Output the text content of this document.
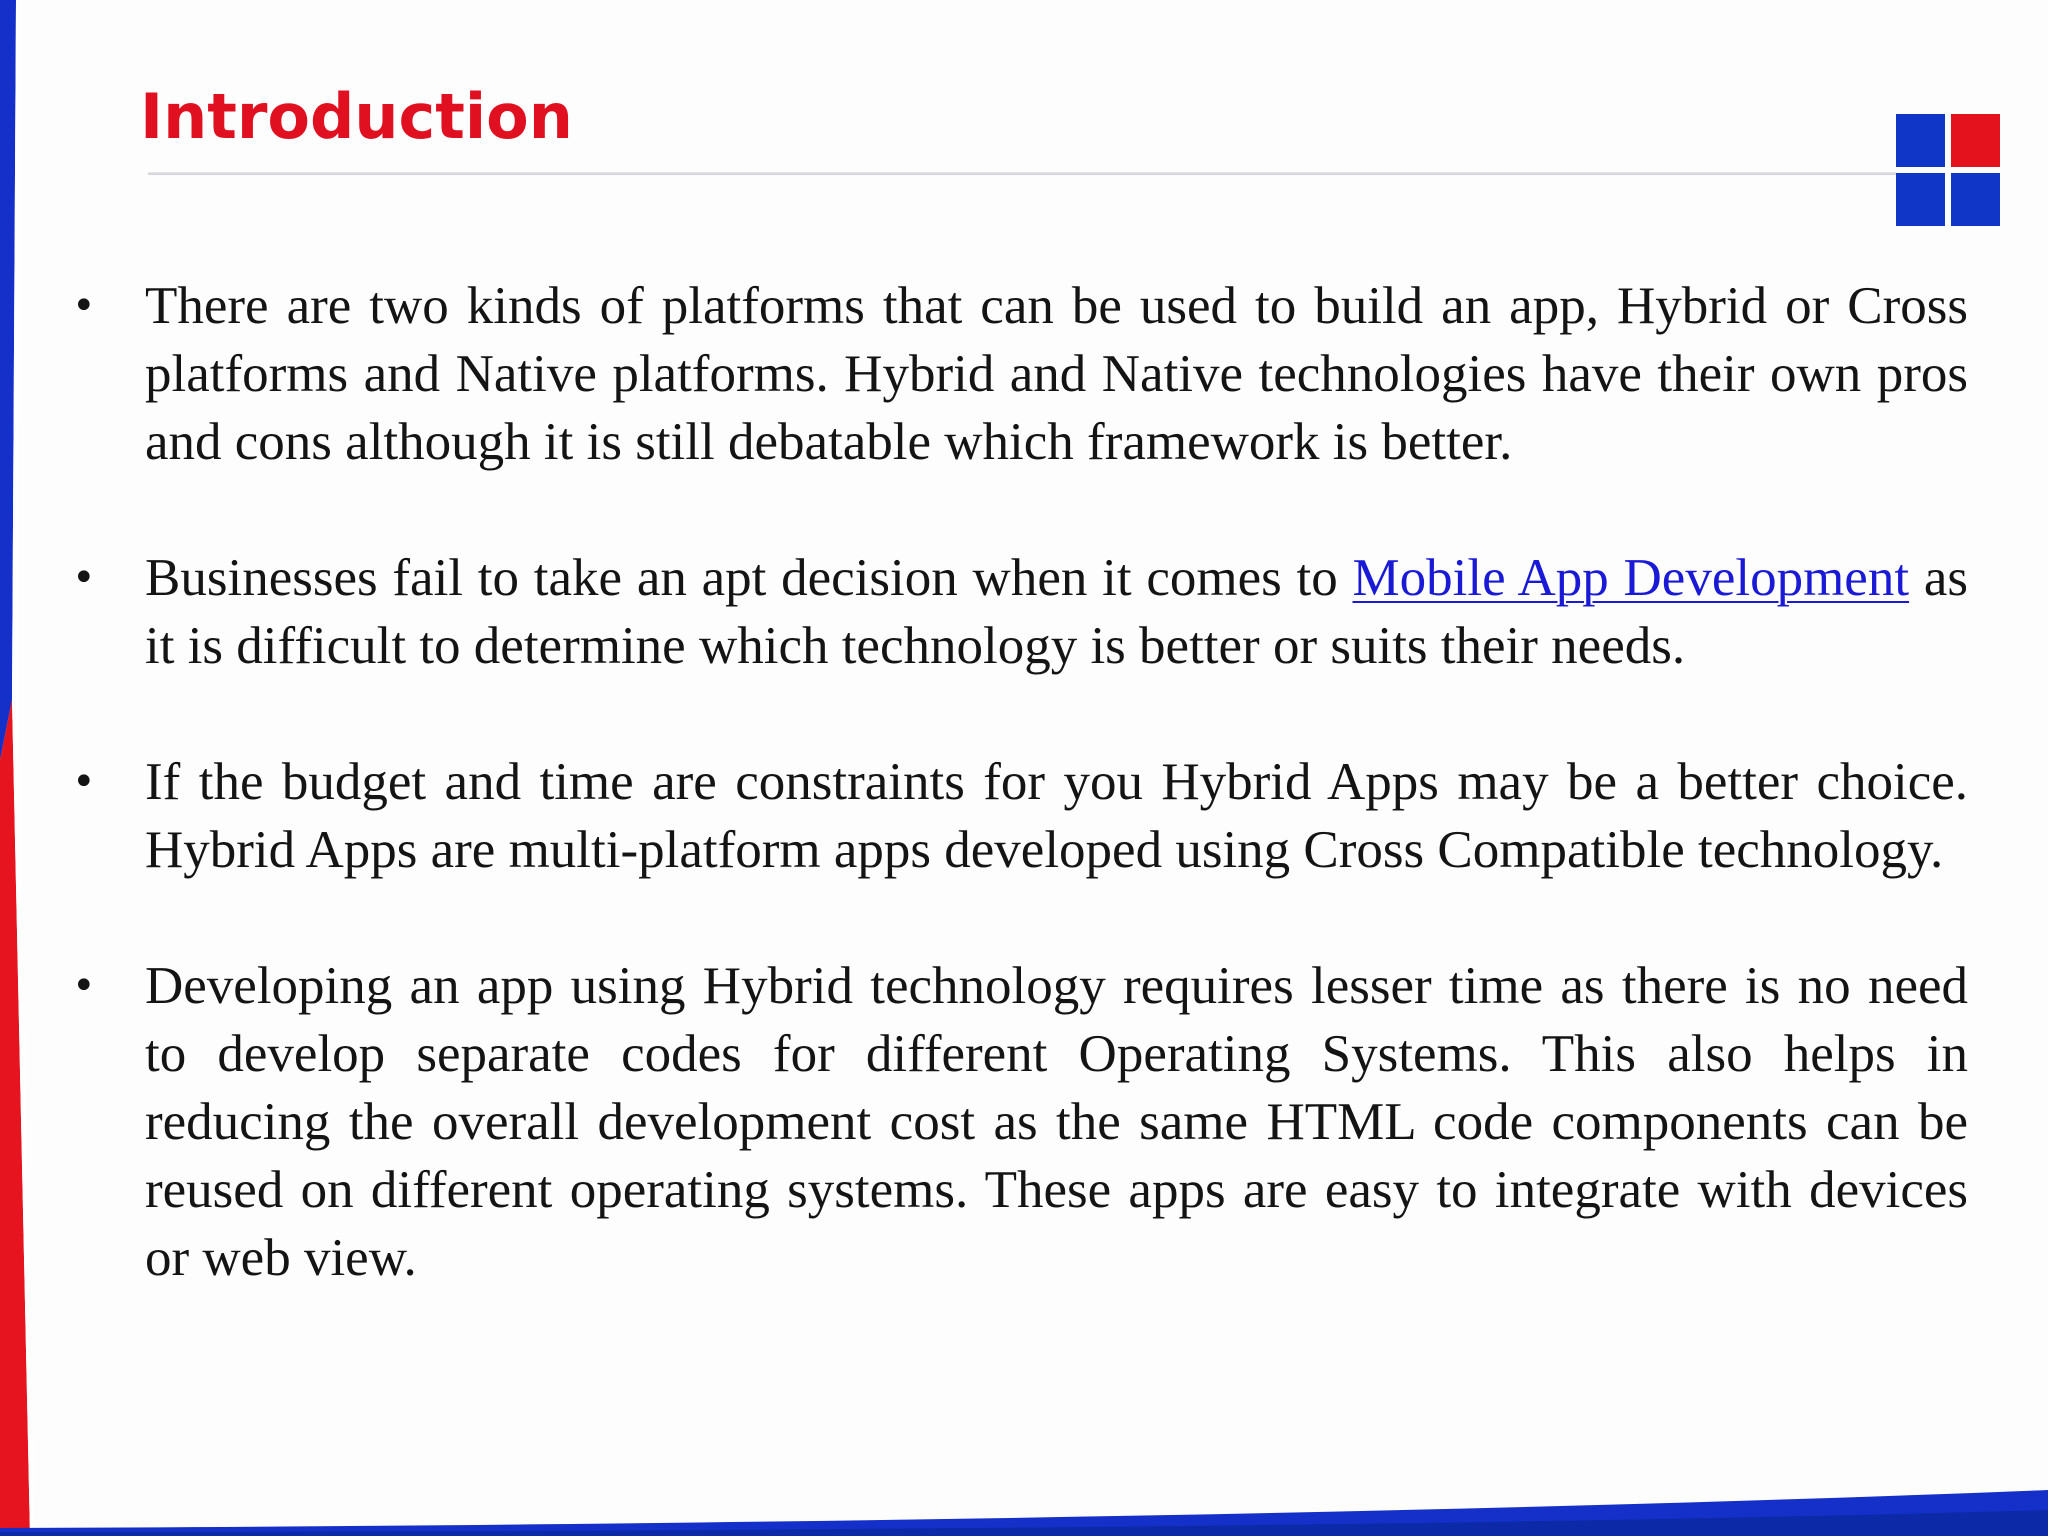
Introduction
• There are two kinds of platforms that can be used to build an app, Hybrid or Cross platforms and Native platforms. Hybrid and Native technologies have their own pros and cons although it is still debatable which framework is better.
• Businesses fail to take an apt decision when it comes to Mobile App Development as it is difficult to determine which technology is better or suits their needs.
• If the budget and time are constraints for you Hybrid Apps may be a better choice. Hybrid Apps are multi-platform apps developed using Cross Compatible technology.
• Developing an app using Hybrid technology requires lesser time as there is no need to develop separate codes for different Operating Systems. This also helps in reducing the overall development cost as the same HTML code components can be reused on different operating systems. These apps are easy to integrate with devices or web view.
